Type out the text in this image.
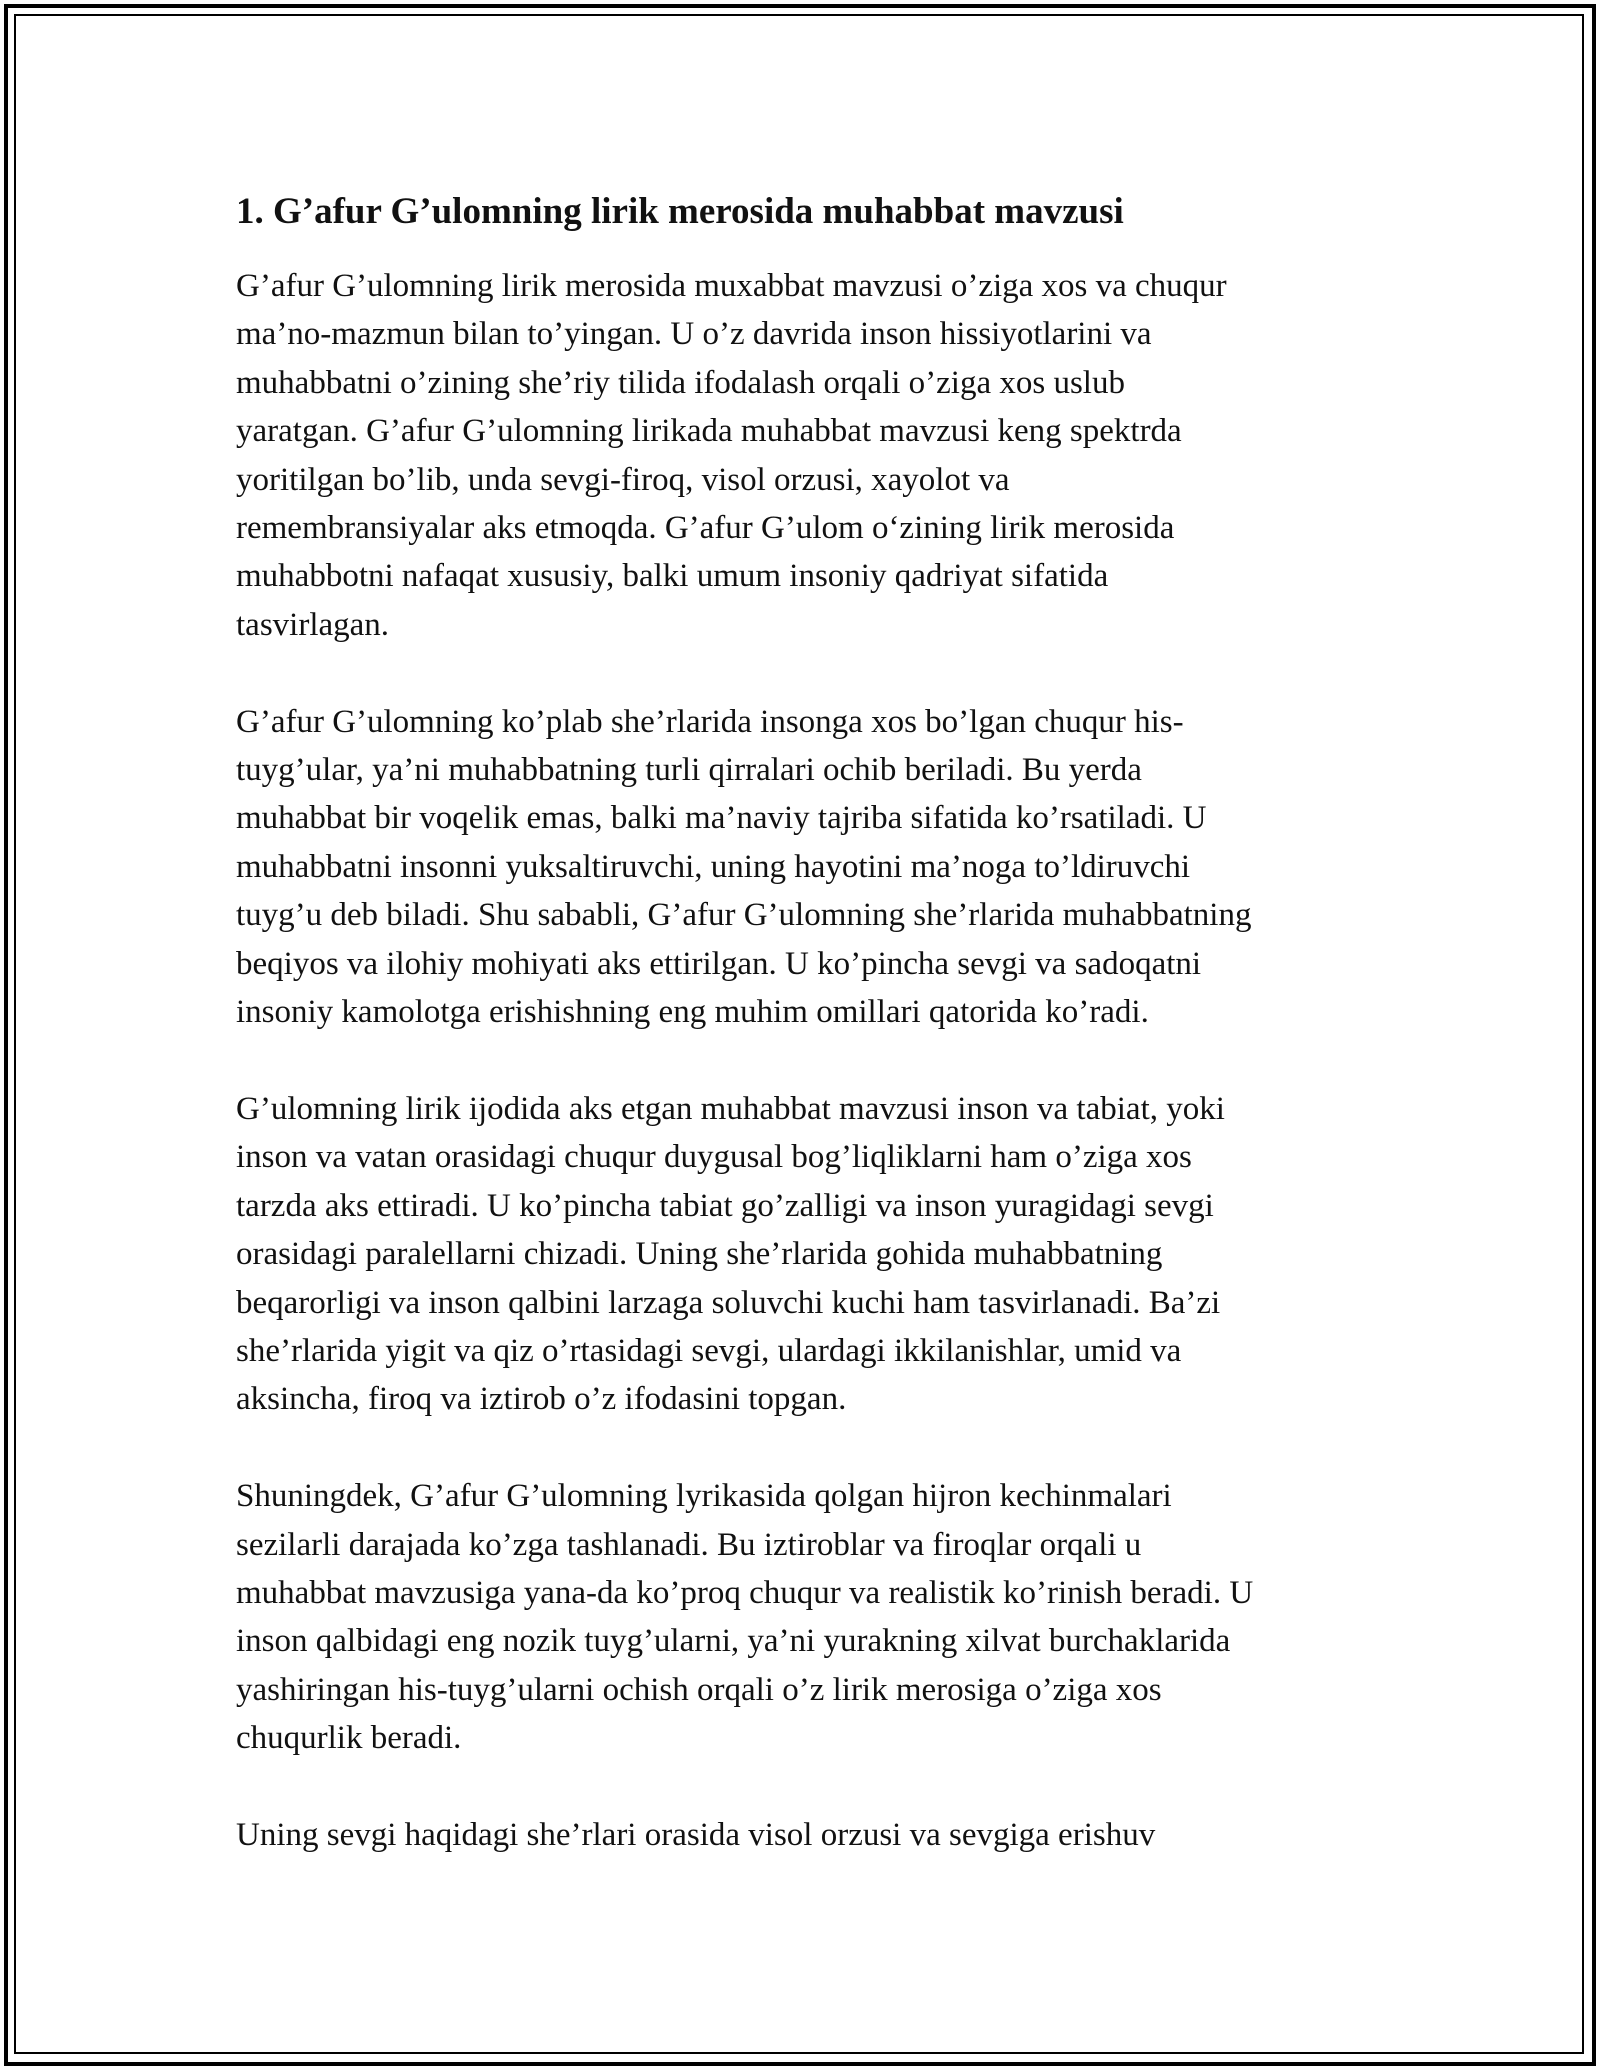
1. G’afur G’ulomning lirik merosida muhabbat mavzusi

G’afur G’ulomning lirik merosida muxabbat mavzusi o’ziga xos va chuqur
ma’no-mazmun bilan to’yingan. U o’z davrida inson hissiyotlarini va
muhabbatni o’zining she’riy tilida ifodalash orqali o’ziga xos uslub
yaratgan. G’afur G’ulomning lirikada muhabbat mavzusi keng spektrda
yoritilgan bo’lib, unda sevgi-firoq, visol orzusi, xayolot va
remembransiyalar aks etmoqda. G’afur G’ulom o‘zining lirik merosida
muhabbotni nafaqat xususiy, balki umum insoniy qadriyat sifatida
tasvirlagan.

G’afur G’ulomning ko’plab she’rlarida insonga xos bo’lgan chuqur his-
tuyg’ular, ya’ni muhabbatning turli qirralari ochib beriladi. Bu yerda
muhabbat bir voqelik emas, balki ma’naviy tajriba sifatida ko’rsatiladi. U
muhabbatni insonni yuksaltiruvchi, uning hayotini ma’noga to’ldiruvchi
tuyg’u deb biladi. Shu sababli, G’afur G’ulomning she’rlarida muhabbatning
beqiyos va ilohiy mohiyati aks ettirilgan. U ko’pincha sevgi va sadoqatni
insoniy kamolotga erishishning eng muhim omillari qatorida ko’radi.

G’ulomning lirik ijodida aks etgan muhabbat mavzusi inson va tabiat, yoki
inson va vatan orasidagi chuqur duygusal bog’liqliklarni ham o’ziga xos
tarzda aks ettiradi. U ko’pincha tabiat go’zalligi va inson yuragidagi sevgi
orasidagi paralellarni chizadi. Uning she’rlarida gohida muhabbatning
beqarorligi va inson qalbini larzaga soluvchi kuchi ham tasvirlanadi. Ba’zi
she’rlarida yigit va qiz o’rtasidagi sevgi, ulardagi ikkilanishlar, umid va
aksincha, firoq va iztirob o’z ifodasini topgan.

Shuningdek, G’afur G’ulomning lyrikasida qolgan hijron kechinmalari
sezilarli darajada ko’zga tashlanadi. Bu iztiroblar va firoqlar orqali u
muhabbat mavzusiga yana-da ko’proq chuqur va realistik ko’rinish beradi. U
inson qalbidagi eng nozik tuyg’ularni, ya’ni yurakning xilvat burchaklarida
yashiringan his-tuyg’ularni ochish orqali o’z lirik merosiga o’ziga xos
chuqurlik beradi.

Uning sevgi haqidagi she’rlari orasida visol orzusi va sevgiga erishuv
